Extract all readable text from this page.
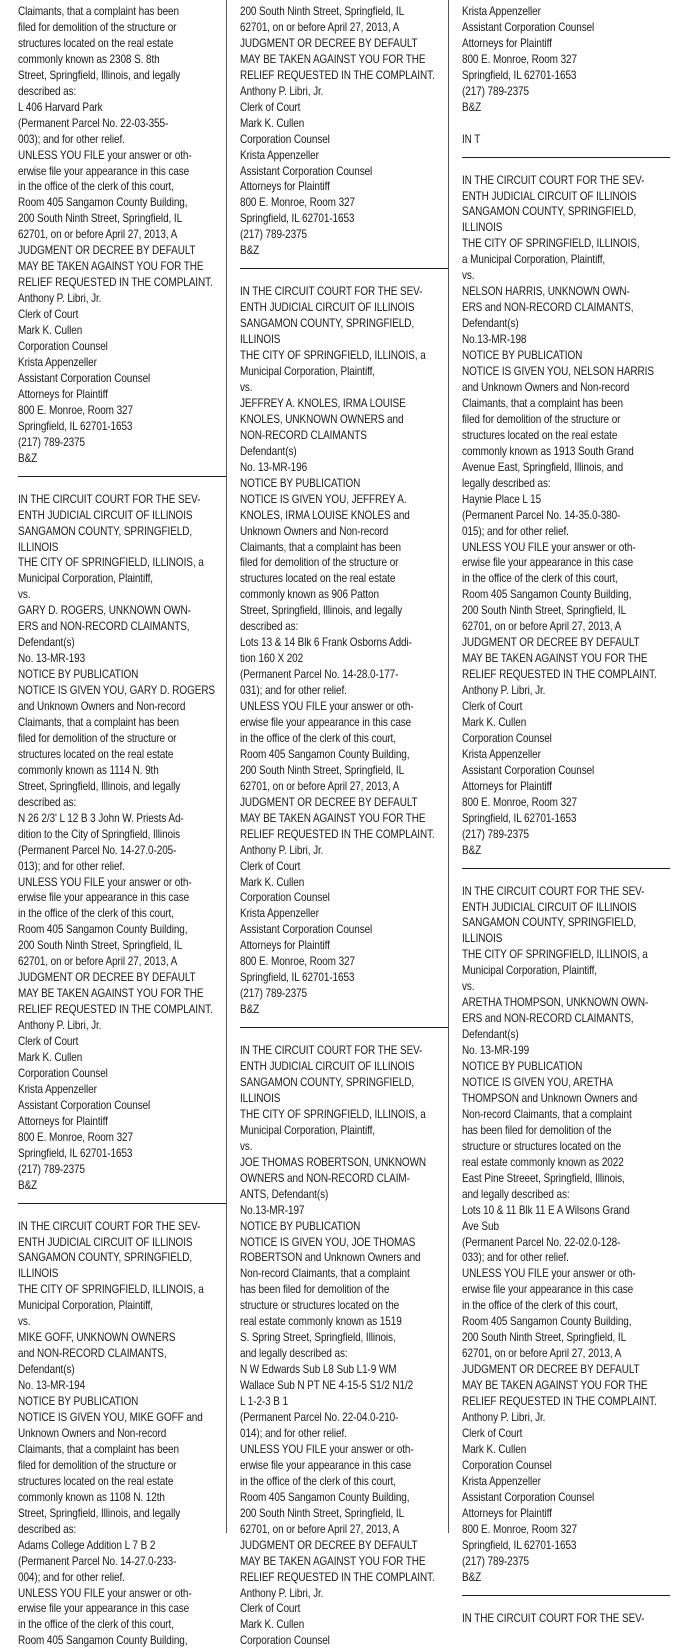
Claimants, that a complaint has been
filed for demolition of the structure or
structures located on the real estate
commonly known as 2308 S. 8th
Street, Springfield, Illinois, and legally
described as:
L 406 Harvard Park
(Permanent Parcel No. 22-03-355-
003); and for other relief.
UNLESS YOU FILE your answer or oth-
erwise file your appearance in this case
in the office of the clerk of this court,
Room 405 Sangamon County Building,
200 South Ninth Street, Springfield, IL
62701, on or before April 27, 2013, A
JUDGMENT OR DECREE BY DEFAULT
MAY BE TAKEN AGAINST YOU FOR THE
RELIEF REQUESTED IN THE COMPLAINT.
Anthony P. Libri, Jr.
Clerk of Court
Mark K. Cullen
Corporation Counsel
Krista Appenzeller
Assistant Corporation Counsel
Attorneys for Plaintiff
800 E. Monroe, Room 327
Springfield, IL 62701-1653
(217) 789-2375
B&Z
IN THE CIRCUIT COURT FOR THE SEV-
ENTH JUDICIAL CIRCUIT OF ILLINOIS
SANGAMON COUNTY, SPRINGFIELD,
ILLINOIS
THE CITY OF SPRINGFIELD, ILLINOIS, a
Municipal Corporation, Plaintiff,
vs.
GARY D. ROGERS, UNKNOWN OWN-
ERS and NON-RECORD CLAIMANTS,
Defendant(s)
No. 13-MR-193
NOTICE BY PUBLICATION
NOTICE IS GIVEN YOU, GARY D. ROGERS
and Unknown Owners and Non-record
Claimants, that a complaint has been
filed for demolition of the structure or
structures located on the real estate
commonly known as 1114 N. 9th
Street, Springfield, Illinois, and legally
described as:
N 26 2/3' L 12 B 3 John W. Priests Ad-
dition to the City of Springfield, Illinois
(Permanent Parcel No. 14-27.0-205-
013); and for other relief.
UNLESS YOU FILE your answer or oth-
erwise file your appearance in this case
in the office of the clerk of this court,
Room 405 Sangamon County Building,
200 South Ninth Street, Springfield, IL
62701, on or before April 27, 2013, A
JUDGMENT OR DECREE BY DEFAULT
MAY BE TAKEN AGAINST YOU FOR THE
RELIEF REQUESTED IN THE COMPLAINT.
Anthony P. Libri, Jr.
Clerk of Court
Mark K. Cullen
Corporation Counsel
Krista Appenzeller
Assistant Corporation Counsel
Attorneys for Plaintiff
800 E. Monroe, Room 327
Springfield, IL 62701-1653
(217) 789-2375
B&Z
IN THE CIRCUIT COURT FOR THE SEV-
ENTH JUDICIAL CIRCUIT OF ILLINOIS
SANGAMON COUNTY, SPRINGFIELD,
ILLINOIS
THE CITY OF SPRINGFIELD, ILLINOIS, a
Municipal Corporation, Plaintiff,
vs.
MIKE GOFF, UNKNOWN OWNERS
and NON-RECORD CLAIMANTS,
Defendant(s)
No. 13-MR-194
NOTICE BY PUBLICATION
NOTICE IS GIVEN YOU, MIKE GOFF and
Unknown Owners and Non-record
Claimants, that a complaint has been
filed for demolition of the structure or
structures located on the real estate
commonly known as 1108 N. 12th
Street, Springfield, Illinois, and legally
described as:
Adams College Addition L 7 B 2
(Permanent Parcel No. 14-27.0-233-
004); and for other relief.
UNLESS YOU FILE your answer or oth-
erwise file your appearance in this case
in the office of the clerk of this court,
Room 405 Sangamon County Building,
200 South Ninth Street, Springfield, IL
62701, on or before April 27, 2013, A
JUDGMENT OR DECREE BY DEFAULT
MAY BE TAKEN AGAINST YOU FOR THE
RELIEF REQUESTED IN THE COMPLAINT.
Anthony P. Libri, Jr.
Clerk of Court
Mark K. Cullen
Corporation Counsel
Krista Appenzeller
Assistant Corporation Counsel
Attorneys for Plaintiff
800 E. Monroe, Room 327
Springfield, IL 62701-1653
(217) 789-2375
B&Z
IN THE CIRCUIT COURT FOR THE SEV-
ENTH JUDICIAL CIRCUIT OF ILLINOIS
SANGAMON COUNTY, SPRINGFIELD,
ILLINOIS
THE CITY OF SPRINGFIELD, ILLINOIS, a
Municipal Corporation, Plaintiff,
vs.
JEFFREY A. KNOLES, IRMA LOUISE
KNOLES, UNKNOWN OWNERS and
NON-RECORD CLAIMANTS
Defendant(s)
No. 13-MR-196
NOTICE BY PUBLICATION
NOTICE IS GIVEN YOU, JEFFREY A.
KNOLES, IRMA LOUISE KNOLES and
Unknown Owners and Non-record
Claimants, that a complaint has been
filed for demolition of the structure or
structures located on the real estate
commonly known as 906 Patton
Street, Springfield, Illinois, and legally
described as:
Lots 13 & 14 Blk 6 Frank Osborns Addi-
tion 160 X 202
(Permanent Parcel No. 14-28.0-177-
031); and for other relief.
UNLESS YOU FILE your answer or oth-
erwise file your appearance in this case
in the office of the clerk of this court,
Room 405 Sangamon County Building,
200 South Ninth Street, Springfield, IL
62701, on or before April 27, 2013, A
JUDGMENT OR DECREE BY DEFAULT
MAY BE TAKEN AGAINST YOU FOR THE
RELIEF REQUESTED IN THE COMPLAINT.
Anthony P. Libri, Jr.
Clerk of Court
Mark K. Cullen
Corporation Counsel
Krista Appenzeller
Assistant Corporation Counsel
Attorneys for Plaintiff
800 E. Monroe, Room 327
Springfield, IL 62701-1653
(217) 789-2375
B&Z
IN THE CIRCUIT COURT FOR THE SEV-
ENTH JUDICIAL CIRCUIT OF ILLINOIS
SANGAMON COUNTY, SPRINGFIELD,
ILLINOIS
THE CITY OF SPRINGFIELD, ILLINOIS, a
Municipal Corporation, Plaintiff,
vs.
JOE THOMAS ROBERTSON, UNKNOWN
OWNERS and NON-RECORD CLAIM-
ANTS, Defendant(s)
No.13-MR-197
NOTICE BY PUBLICATION
NOTICE IS GIVEN YOU, JOE THOMAS
ROBERTSON and Unknown Owners and
Non-record Claimants, that a complaint
has been filed for demolition of the
structure or structures located on the
real estate commonly known as 1519
S. Spring Street, Springfield, Illinois,
and legally described as:
N W Edwards Sub L8 Sub L1-9 WM
Wallace Sub N PT NE 4-15-5 S1/2 N1/2
L 1-2-3 B 1
(Permanent Parcel No. 22-04.0-210-
014); and for other relief.
UNLESS YOU FILE your answer or oth-
erwise file your appearance in this case
in the office of the clerk of this court,
Room 405 Sangamon County Building,
200 South Ninth Street, Springfield, IL
62701, on or before April 27, 2013, A
JUDGMENT OR DECREE BY DEFAULT
MAY BE TAKEN AGAINST YOU FOR THE
RELIEF REQUESTED IN THE COMPLAINT.
Anthony P. Libri, Jr.
Clerk of Court
Mark K. Cullen
Corporation Counsel
Krista Appenzeller
Assistant Corporation Counsel
Attorneys for Plaintiff
800 E. Monroe, Room 327
Springfield, IL 62701-1653
(217) 789-2375
B&Z

IN T
IN THE CIRCUIT COURT FOR THE SEV-
ENTH JUDICIAL CIRCUIT OF ILLINOIS
SANGAMON COUNTY, SPRINGFIELD,
ILLINOIS
THE CITY OF SPRINGFIELD, ILLINOIS,
a Municipal Corporation, Plaintiff,
vs.
NELSON HARRIS, UNKNOWN OWN-
ERS and NON-RECORD CLAIMANTS,
Defendant(s)
No.13-MR-198
NOTICE BY PUBLICATION
NOTICE IS GIVEN YOU, NELSON HARRIS
and Unknown Owners and Non-record
Claimants, that a complaint has been
filed for demolition of the structure or
structures located on the real estate
commonly known as 1913 South Grand
Avenue East, Springfield, Illinois, and
legally described as:
Haynie Place L 15
(Permanent Parcel No. 14-35.0-380-
015); and for other relief.
UNLESS YOU FILE your answer or oth-
erwise file your appearance in this case
in the office of the clerk of this court,
Room 405 Sangamon County Building,
200 South Ninth Street, Springfield, IL
62701, on or before April 27, 2013, A
JUDGMENT OR DECREE BY DEFAULT
MAY BE TAKEN AGAINST YOU FOR THE
RELIEF REQUESTED IN THE COMPLAINT.
Anthony P. Libri, Jr.
Clerk of Court
Mark K. Cullen
Corporation Counsel
Krista Appenzeller
Assistant Corporation Counsel
Attorneys for Plaintiff
800 E. Monroe, Room 327
Springfield, IL 62701-1653
(217) 789-2375
B&Z
IN THE CIRCUIT COURT FOR THE SEV-
ENTH JUDICIAL CIRCUIT OF ILLINOIS
SANGAMON COUNTY, SPRINGFIELD,
ILLINOIS
THE CITY OF SPRINGFIELD, ILLINOIS, a
Municipal Corporation, Plaintiff,
vs.
ARETHA THOMPSON, UNKNOWN OWN-
ERS and NON-RECORD CLAIMANTS,
Defendant(s)
No. 13-MR-199
NOTICE BY PUBLICATION
NOTICE IS GIVEN YOU, ARETHA
THOMPSON and Unknown Owners and
Non-record Claimants, that a complaint
has been filed for demolition of the
structure or structures located on the
real estate commonly known as 2022
East Pine Streeet, Springfield, Illinois,
and legally described as:
Lots 10 & 11 Blk 11 E A Wilsons Grand
Ave Sub
(Permanent Parcel No. 22-02.0-128-
033); and for other relief.
UNLESS YOU FILE your answer or oth-
erwise file your appearance in this case
in the office of the clerk of this court,
Room 405 Sangamon County Building,
200 South Ninth Street, Springfield, IL
62701, on or before April 27, 2013, A
JUDGMENT OR DECREE BY DEFAULT
MAY BE TAKEN AGAINST YOU FOR THE
RELIEF REQUESTED IN THE COMPLAINT.
Anthony P. Libri, Jr.
Clerk of Court
Mark K. Cullen
Corporation Counsel
Krista Appenzeller
Assistant Corporation Counsel
Attorneys for Plaintiff
800 E. Monroe, Room 327
Springfield, IL 62701-1653
(217) 789-2375
B&Z
IN THE CIRCUIT COURT FOR THE SEV-
